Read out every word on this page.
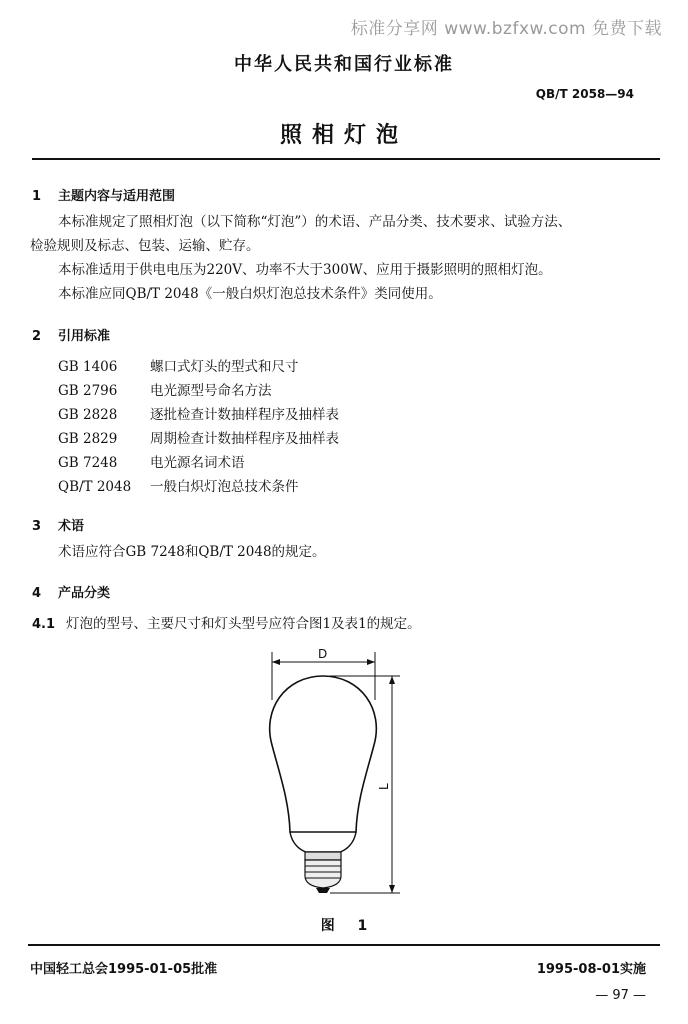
标准分享网 www.bzfxw.com 免费下载
中华人民共和国行业标准
QB/T 2058—94
照相灯泡
1 主题内容与适用范围
本标准规定了照相灯泡（以下简称“灯泡”）的术语、产品分类、技术要求、试验方法、
检验规则及标志、包装、运输、贮存。
本标准适用于供电电压为220V、功率不大于300W、应用于摄影照明的照相灯泡。
本标准应同QB/T 2048《一般白炽灯泡总技术条件》类同使用。
2 引用标准
GB 1406 螺口式灯头的型式和尺寸
GB 2796 电光源型号命名方法
GB 2828 逐批检查计数抽样程序及抽样表
GB 2829 周期检查计数抽样程序及抽样表
GB 7248 电光源名词术语
QB/T 2048 一般白炽灯泡总技术条件
3 术语
术语应符合GB 7248和QB/T 2048的规定。
4 产品分类
4.1 灯泡的型号、主要尺寸和灯头型号应符合图1及表1的规定。
D
L
图 1
中国轻工总会1995-01-05批准	1995-08-01实施
— 97 —
